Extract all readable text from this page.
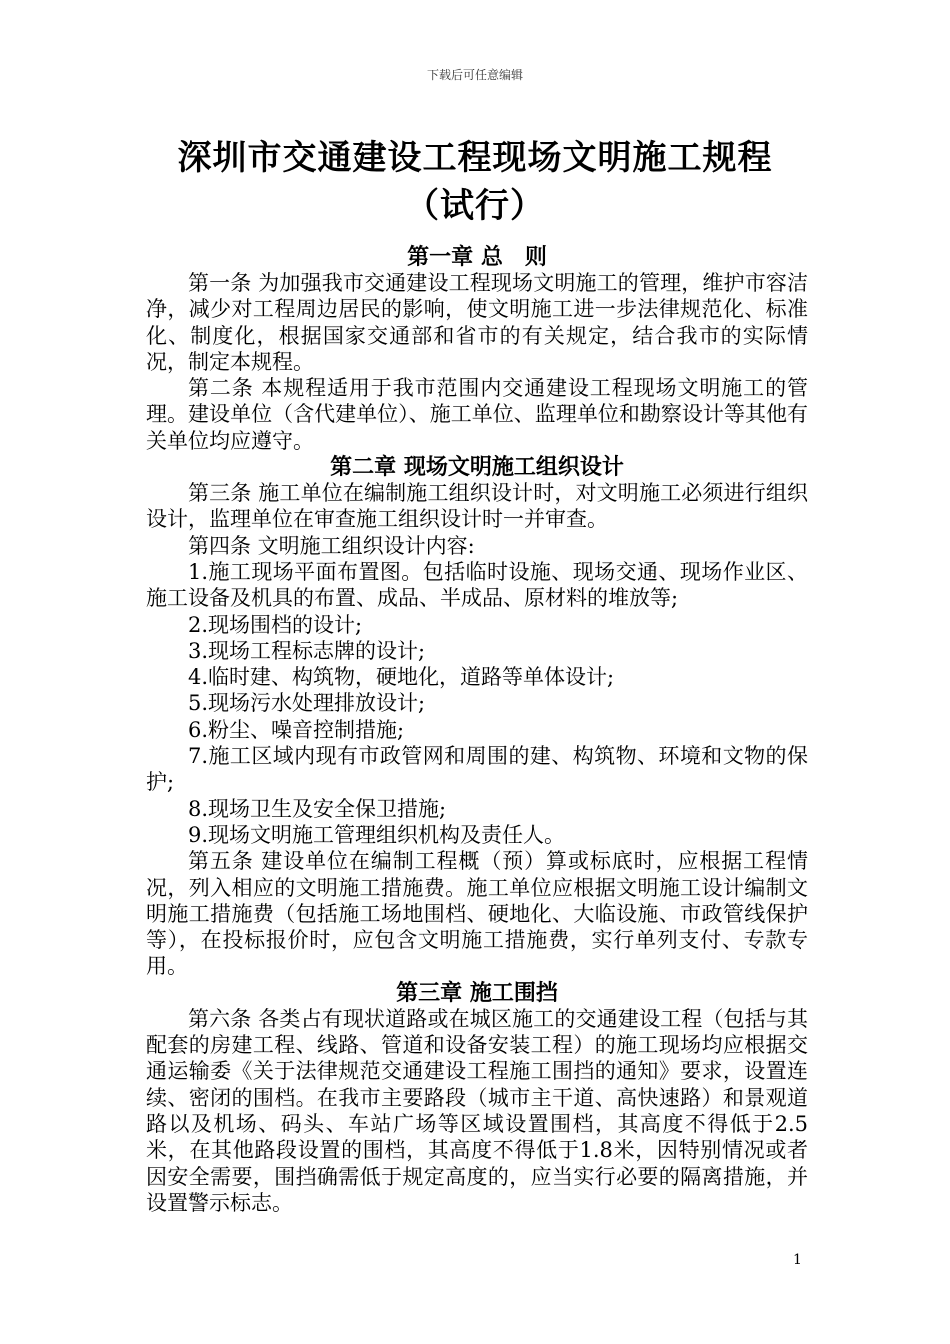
下载后可任意编辑
深圳市交通建设工程现场文明施工规程
（试行）
第一章 总　则

第一条 为加强我市交通建设工程现场文明施工的管理，维护市容洁净，减少对工程周边居民的影响，使文明施工进一步法律规范化、标准化、制度化，根据国家交通部和省市的有关规定，结合我市的实际情况，制定本规程。

第二条 本规程适用于我市范围内交通建设工程现场文明施工的管理。建设单位（含代建单位）、施工单位、监理单位和勘察设计等其他有关单位均应遵守。

第二章 现场文明施工组织设计

第三条 施工单位在编制施工组织设计时，对文明施工必须进行组织设计，监理单位在审查施工组织设计时一并审查。

第四条 文明施工组织设计内容:

1.施工现场平面布置图。包括临时设施、现场交通、现场作业区、施工设备及机具的布置、成品、半成品、原材料的堆放等;

2.现场围档的设计;

3.现场工程标志牌的设计;

4.临时建、构筑物，硬地化，道路等单体设计;

5.现场污水处理排放设计;

6.粉尘、噪音控制措施;

7.施工区域内现有市政管网和周围的建、构筑物、环境和文物的保护;

8.现场卫生及安全保卫措施;

9.现场文明施工管理组织机构及责任人。

第五条 建设单位在编制工程概（预）算或标底时，应根据工程情况，列入相应的文明施工措施费。施工单位应根据文明施工设计编制文明施工措施费（包括施工场地围档、硬地化、大临设施、市政管线保护等），在投标报价时，应包含文明施工措施费，实行单列支付、专款专用。

第三章 施工围挡

第六条 各类占有现状道路或在城区施工的交通建设工程（包括与其配套的房建工程、线路、管道和设备安装工程）的施工现场均应根据交通运输委《关于法律规范交通建设工程施工围挡的通知》要求，设置连续、密闭的围档。在我市主要路段（城市主干道、高快速路）和景观道路以及机场、码头、车站广场等区域设置围档，其高度不得低于2.5米，在其他路段设置的围档，其高度不得低于1.8米，因特别情况或者因安全需要，围挡确需低于规定高度的，应当实行必要的隔离措施，并设置警示标志。

1
